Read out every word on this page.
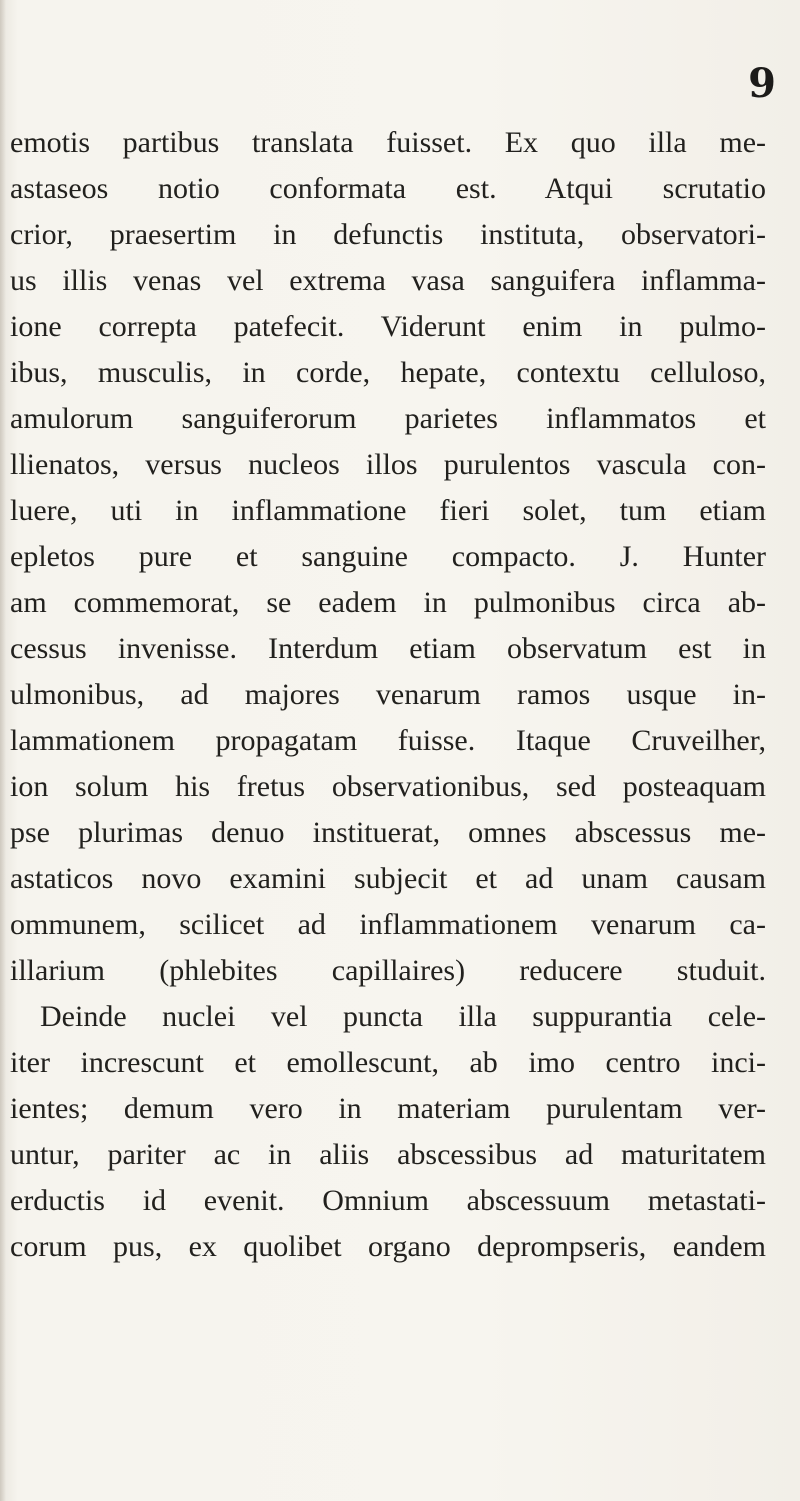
9
emotis partibus translata fuisset. Ex quo illa me-
astaseos notio conformata est. Atqui scrutatio
crior, praesertim in defunctis instituta, observatori-
us illis venas vel extrema vasa sanguifera inflamma-
ione correpta patefecit. Viderunt enim in pulmo-
ibus, musculis, in corde, hepate, contextu celluloso,
amulorum sanguiferorum parietes inflammatos et
llienatos, versus nucleos illos purulentos vascula con-
luere, uti in inflammatione fieri solet, tum etiam
epletos pure et sanguine compacto. J. Hunter
am commemorat, se eadem in pulmonibus circa ab-
cessus invenisse. Interdum etiam observatum est in
ulmonibus, ad majores venarum ramos usque in-
lammationem propagatam fuisse. Itaque Cruveilher,
ion solum his fretus observationibus, sed posteaquam
pse plurimas denuo instituerat, omnes abscessus me-
astaticos novo examini subjecit et ad unam causam
ommunem, scilicet ad inflammationem venarum ca-
illarium (phlebites capillaires) reducere studuit.
Deinde nuclei vel puncta illa suppurantia cele-
iter increscunt et emollescunt, ab imo centro inci-
ientes; demum vero in materiam purulentam ver-
untur, pariter ac in aliis abscessibus ad maturitatem
erductis id evenit. Omnium abscessuum metastati-
corum pus, ex quolibet organo deprompseris, eandem
